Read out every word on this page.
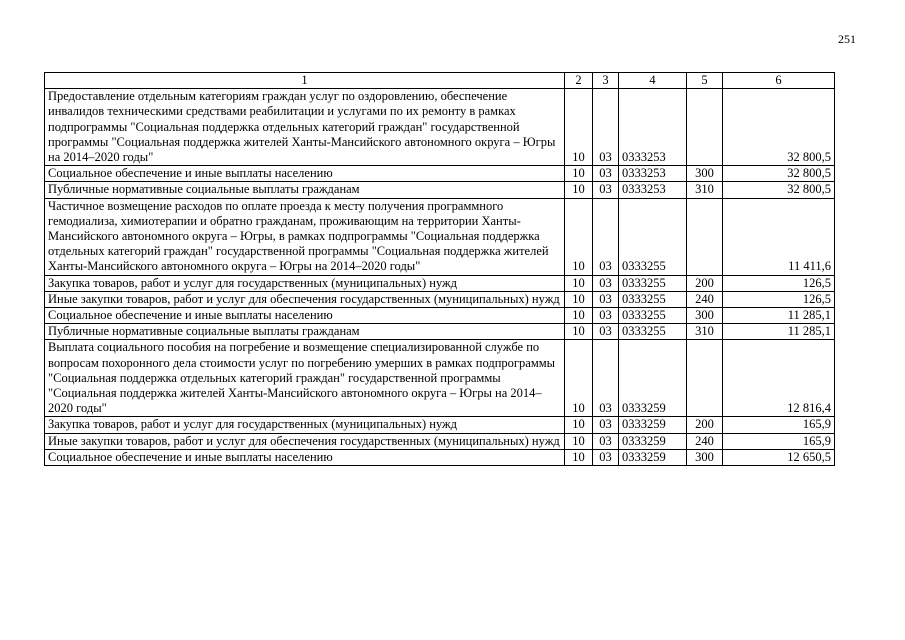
251
1	2	3	4	5	6
Предоставление отдельным категориям граждан услуг по оздоровлению, обеспечение инвалидов техническими средствами реабилитации и услугами по их ремонту в рамках подпрограммы "Социальная поддержка отдельных категорий граждан" государственной программы "Социальная поддержка жителей Ханты-Мансийского автономного округа – Югры на 2014–2020 годы"	10	03	0333253		32 800,5
Социальное обеспечение и иные выплаты населению	10	03	0333253	300	32 800,5
Публичные нормативные социальные выплаты гражданам	10	03	0333253	310	32 800,5
Частичное возмещение расходов по оплате проезда к месту получения программного гемодиализа, химиотерапии и обратно гражданам, проживающим на территории Ханты-Мансийского автономного округа – Югры, в рамках подпрограммы "Социальная поддержка отдельных категорий граждан" государственной программы "Социальная поддержка жителей Ханты-Мансийского автономного округа – Югры на 2014–2020 годы"	10	03	0333255		11 411,6
Закупка товаров, работ и услуг для государственных (муниципальных) нужд	10	03	0333255	200	126,5
Иные закупки товаров, работ и услуг для обеспечения государственных (муниципальных) нужд	10	03	0333255	240	126,5
Социальное обеспечение и иные выплаты населению	10	03	0333255	300	11 285,1
Публичные нормативные социальные выплаты гражданам	10	03	0333255	310	11 285,1
Выплата социального пособия на погребение и возмещение специализированной службе по вопросам похоронного дела стоимости услуг по погребению умерших в рамках подпрограммы "Социальная поддержка отдельных категорий граждан" государственной программы "Социальная поддержка жителей Ханты-Мансийского автономного округа – Югры на 2014–2020 годы"	10	03	0333259		12 816,4
Закупка товаров, работ и услуг для государственных (муниципальных) нужд	10	03	0333259	200	165,9
Иные закупки товаров, работ и услуг для обеспечения государственных (муниципальных) нужд	10	03	0333259	240	165,9
Социальное обеспечение и иные выплаты населению	10	03	0333259	300	12 650,5
